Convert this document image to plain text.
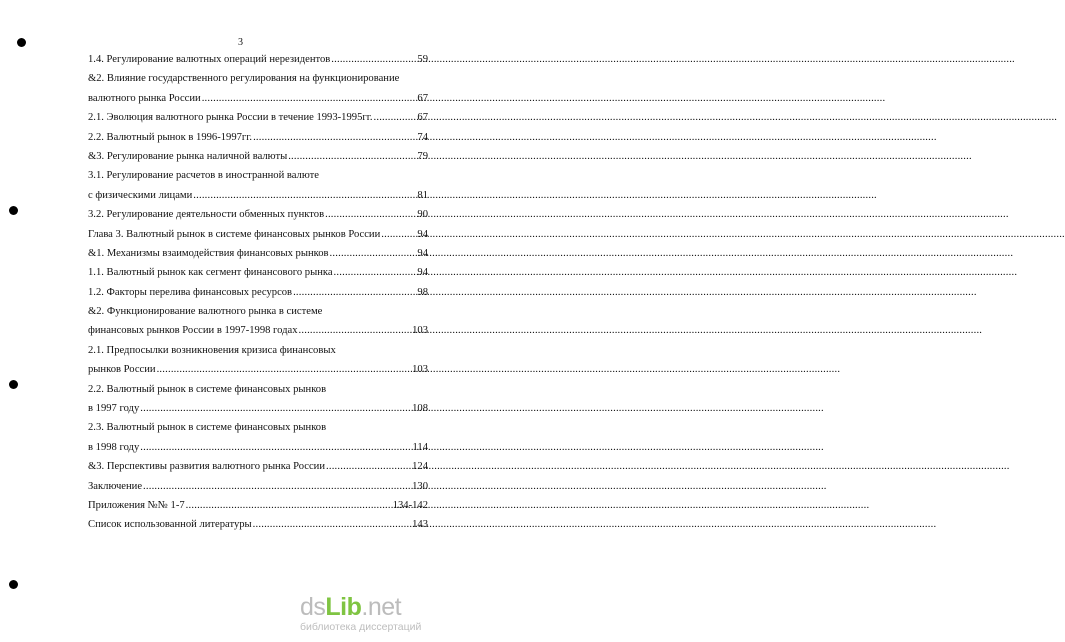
3
1.4. Регулирование валютных операций нерезидентов .....	59
&2. Влияние государственного регулирования на функционирование
валютного рынка России .....	67
2.1. Эволюция валютного рынка России в течение 1993-1995гг. .....	67
2.2. Валютный рынок в 1996-1997гг. .....	74
&3. Регулирование рынка наличной валюты .....	79
3.1. Регулирование расчетов в иностранной валюте
с физическими лицами .....	81
3.2. Регулирование деятельности обменных пунктов .....	90
Глава 3. Валютный рынок в системе финансовых рынков России .....	94
&1. Механизмы взаимодействия финансовых рынков .....	94
1.1. Валютный рынок как сегмент финансового рынка .....	94
1.2. Факторы перелива финансовых ресурсов .....	98
&2. Функционирование валютного рынка в системе
финансовых рынков России в 1997-1998 годах .....	103
2.1. Предпосылки возникновения кризиса финансовых
рынков России .....	103
2.2. Валютный рынок в системе финансовых рынков
в 1997 году .....	108
2.3. Валютный рынок в системе финансовых рынков
в 1998 году .....	114
&3. Перспективы развития валютного рынка России .....	124
Заключение .....	130
Приложения №№ 1-7 .....	134-142
Список использованной литературы .....	143
dsLib.net
библиотека диссертаций
